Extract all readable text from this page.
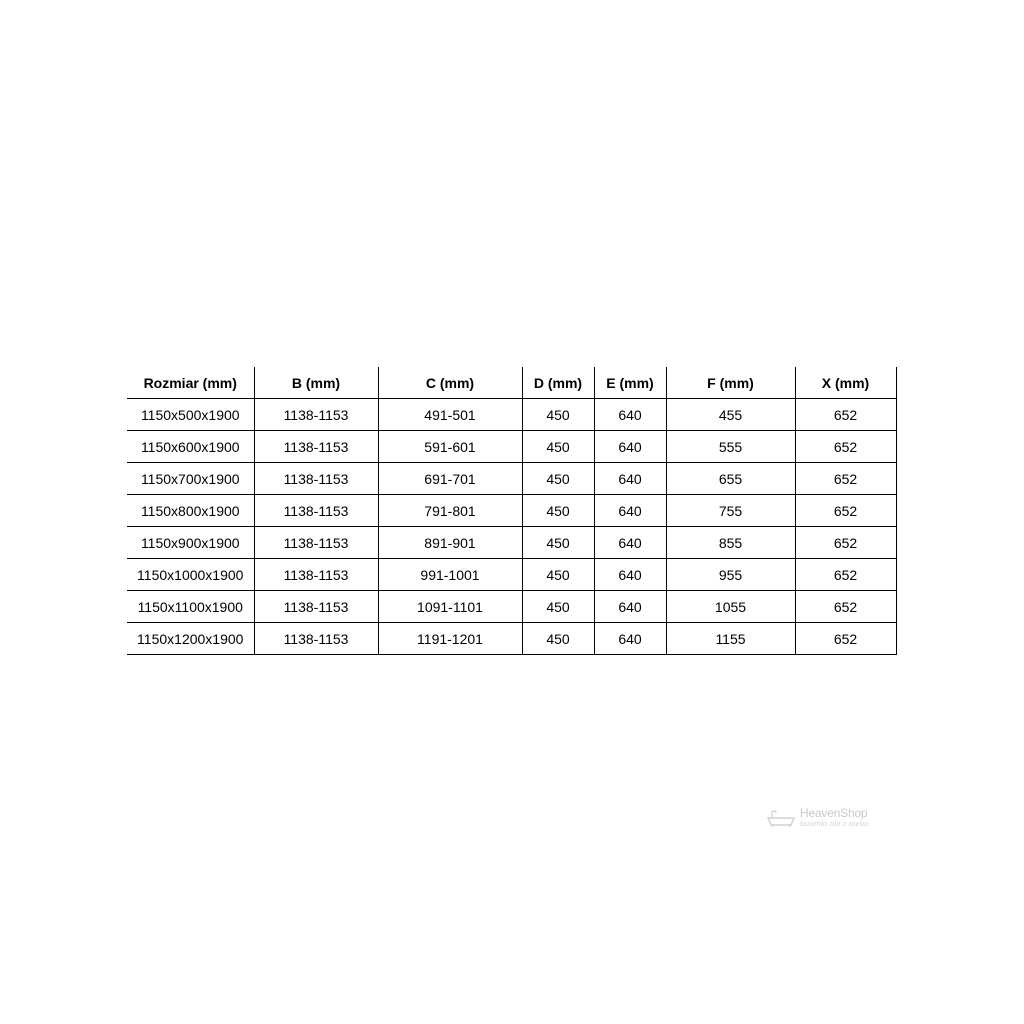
Rozmiar (mm)	B (mm)	C (mm)	D (mm)	E (mm)	F (mm)	X (mm)
1150x500x1900	1138-1153	491-501	450	640	455	652
1150x600x1900	1138-1153	591-601	450	640	555	652
1150x700x1900	1138-1153	691-701	450	640	655	652
1150x800x1900	1138-1153	791-801	450	640	755	652
1150x900x1900	1138-1153	891-901	450	640	855	652
1150x1000x1900	1138-1153	991-1001	450	640	955	652
1150x1100x1900	1138-1153	1091-1101	450	640	1055	652
1150x1200x1900	1138-1153	1191-1201	450	640	1155	652
HeavenShop
łazienki nie z nieba
